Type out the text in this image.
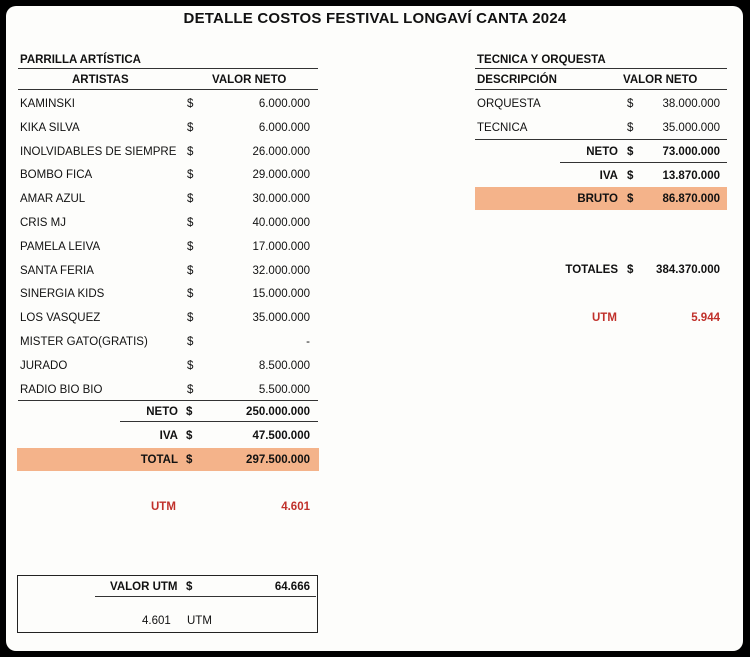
DETALLE COSTOS FESTIVAL LONGAVÍ CANTA 2024
PARRILLA ARTÍSTICA
ARTISTAS	VALOR NETO
KAMINSKI	$	6.000.000
KIKA SILVA	$	6.000.000
INOLVIDABLES DE SIEMPRE $	26.000.000
BOMBO FICA	$	29.000.000
AMAR AZUL	$	30.000.000
CRIS MJ	$	40.000.000
PAMELA LEIVA	$	17.000.000
SANTA FERIA	$	32.000.000
SINERGIA KIDS	$	15.000.000
LOS VASQUEZ	$	35.000.000
MISTER GATO(GRATIS)	$	-
JURADO	$	8.500.000
RADIO BIO BIO	$	5.500.000
NETO $	250.000.000
IVA $	47.500.000
TOTAL $	297.500.000
UTM	4.601
VALOR UTM $	64.666
4.601 UTM
TECNICA Y ORQUESTA
DESCRIPCIÓN	VALOR NETO
ORQUESTA	$	38.000.000
TECNICA	$	35.000.000
NETO $	73.000.000
IVA $	13.870.000
BRUTO $	86.870.000
TOTALES $	384.370.000
UTM	5.944
